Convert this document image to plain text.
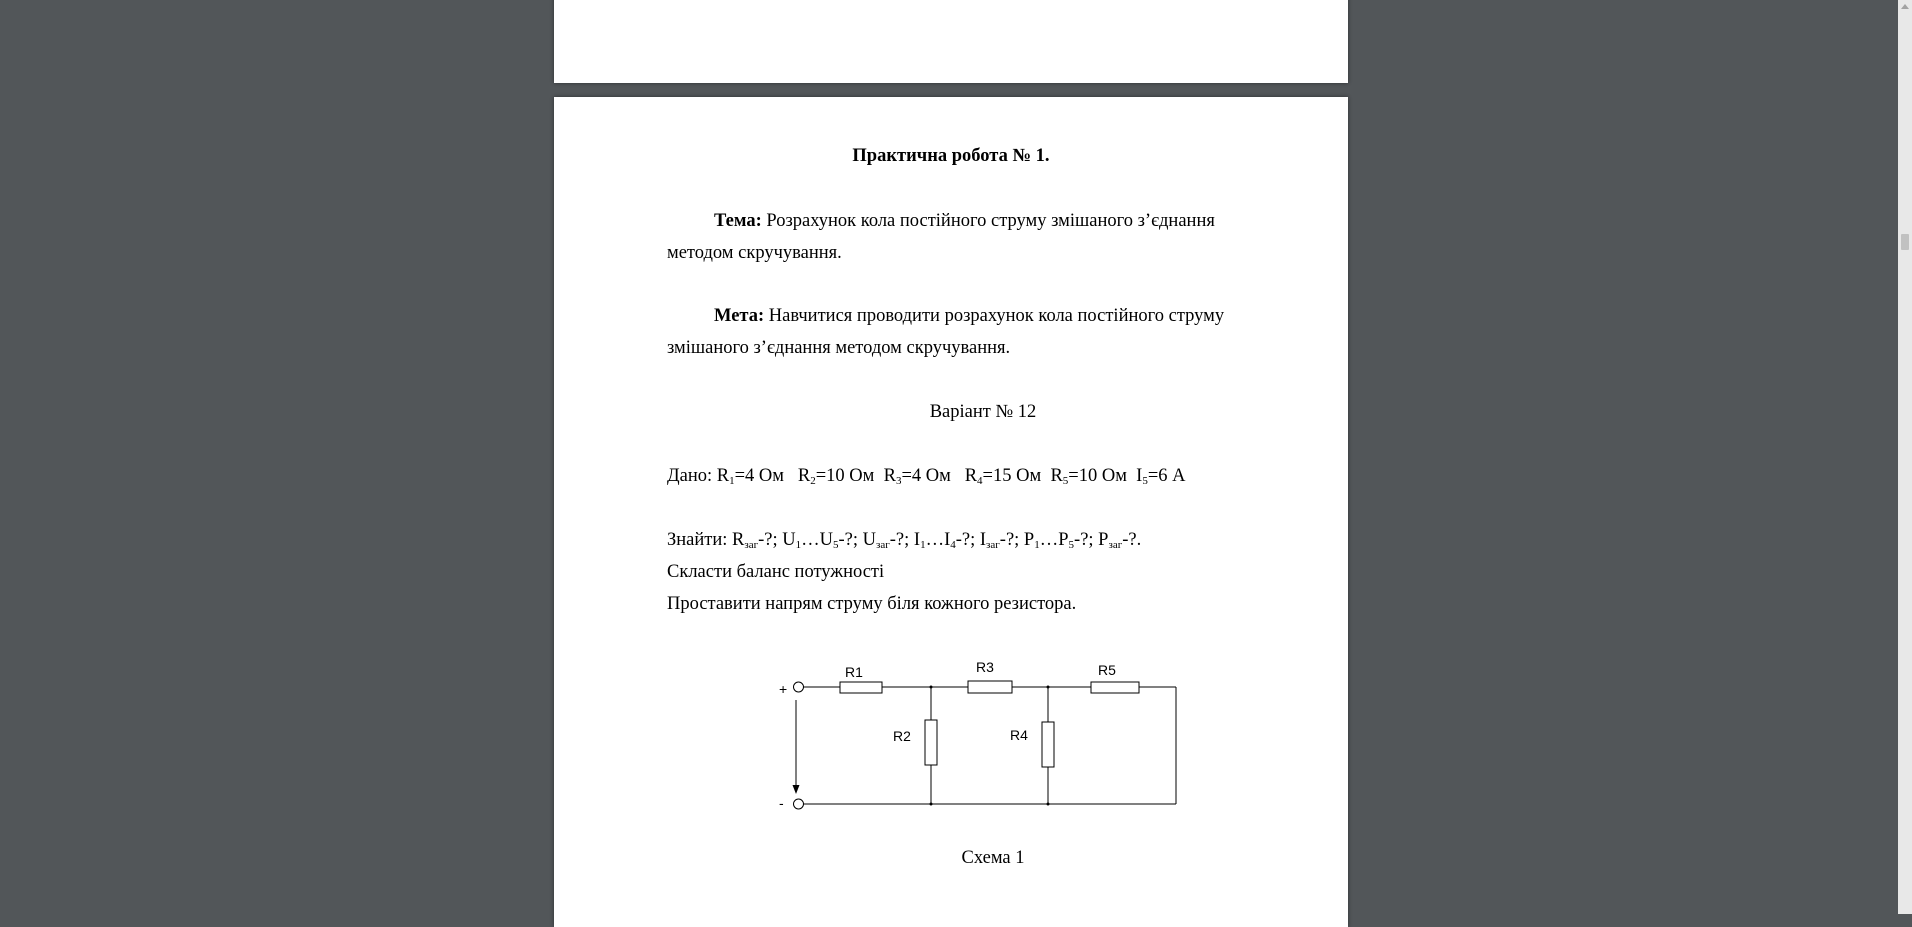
Практична робота № 1.
Тема: Розрахунок кола постійного струму змішаного з’єднання
методом скручування.
Мета: Навчитися проводити розрахунок кола постійного струму
змішаного з’єднання методом скручування.
Варіант № 12
Дано: $R_1=4$ Ом $R_2=10$ Ом $R_3=4$ Ом $R_4=15$ Ом $R_5=10$ Ом $I_5=6$ А
Знайти: $R_{заг}-$?; $U_1\dots U_5-$?; $U_{заг}-$?; $I_1\dots I_4-$?; $I_{заг}-$?; $P_1\dots P_5-$?; $P_{заг}-$?.
Скласти баланс потужності
Проставити напрям струму біля кожного резистора.
+
-
R1	R3	R5
R2	R4
Схема 1
